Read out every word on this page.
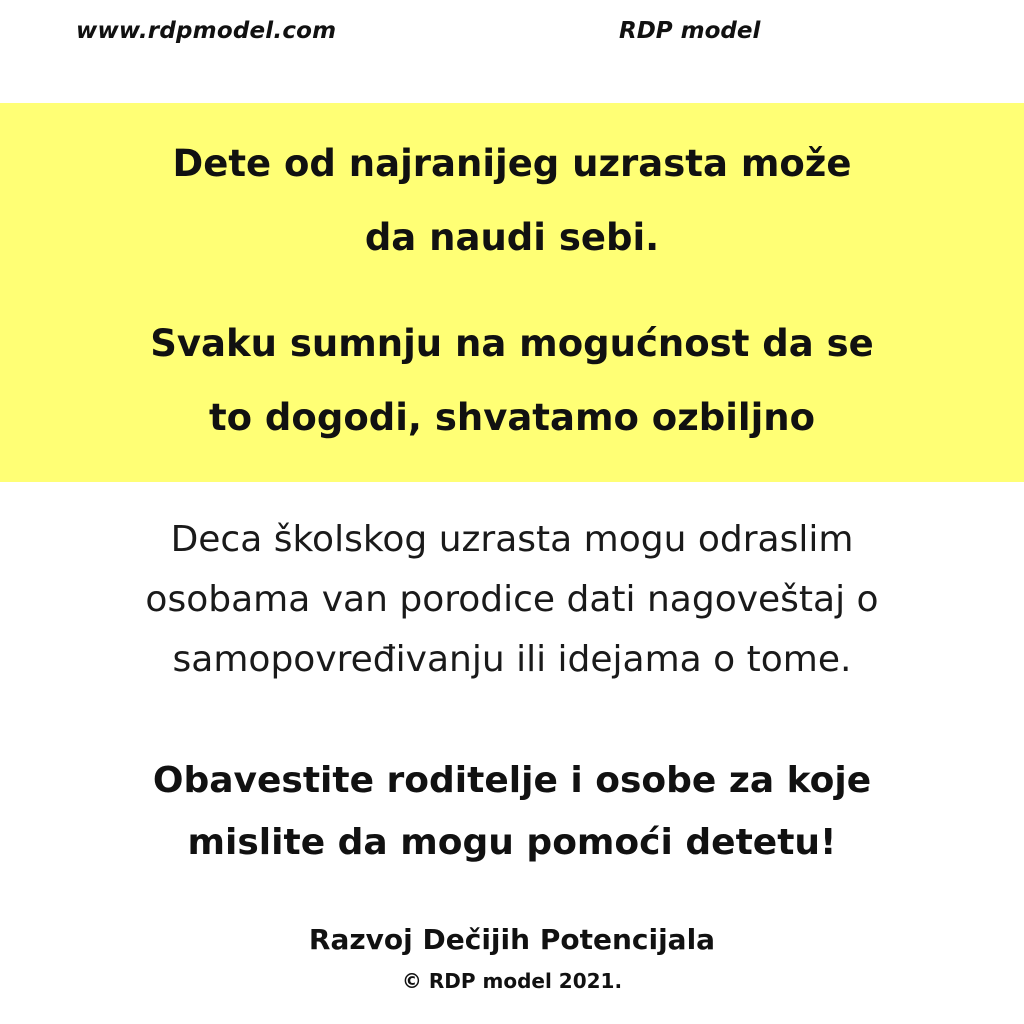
www.rdpmodel.com	RDP model

Dete od najranijeg uzrasta može
da naudi sebi.

Svaku sumnju na mogućnost da se
to dogodi, shvatamo ozbiljno

Deca školskog uzrasta mogu odraslim
osobama van porodice dati nagoveštaj o
samopovređivanju ili idejama o tome.

Obavestite roditelje i osobe za koje
mislite da mogu pomoći detetu!

Razvoj Dečijih Potencijala
© RDP model 2021.
